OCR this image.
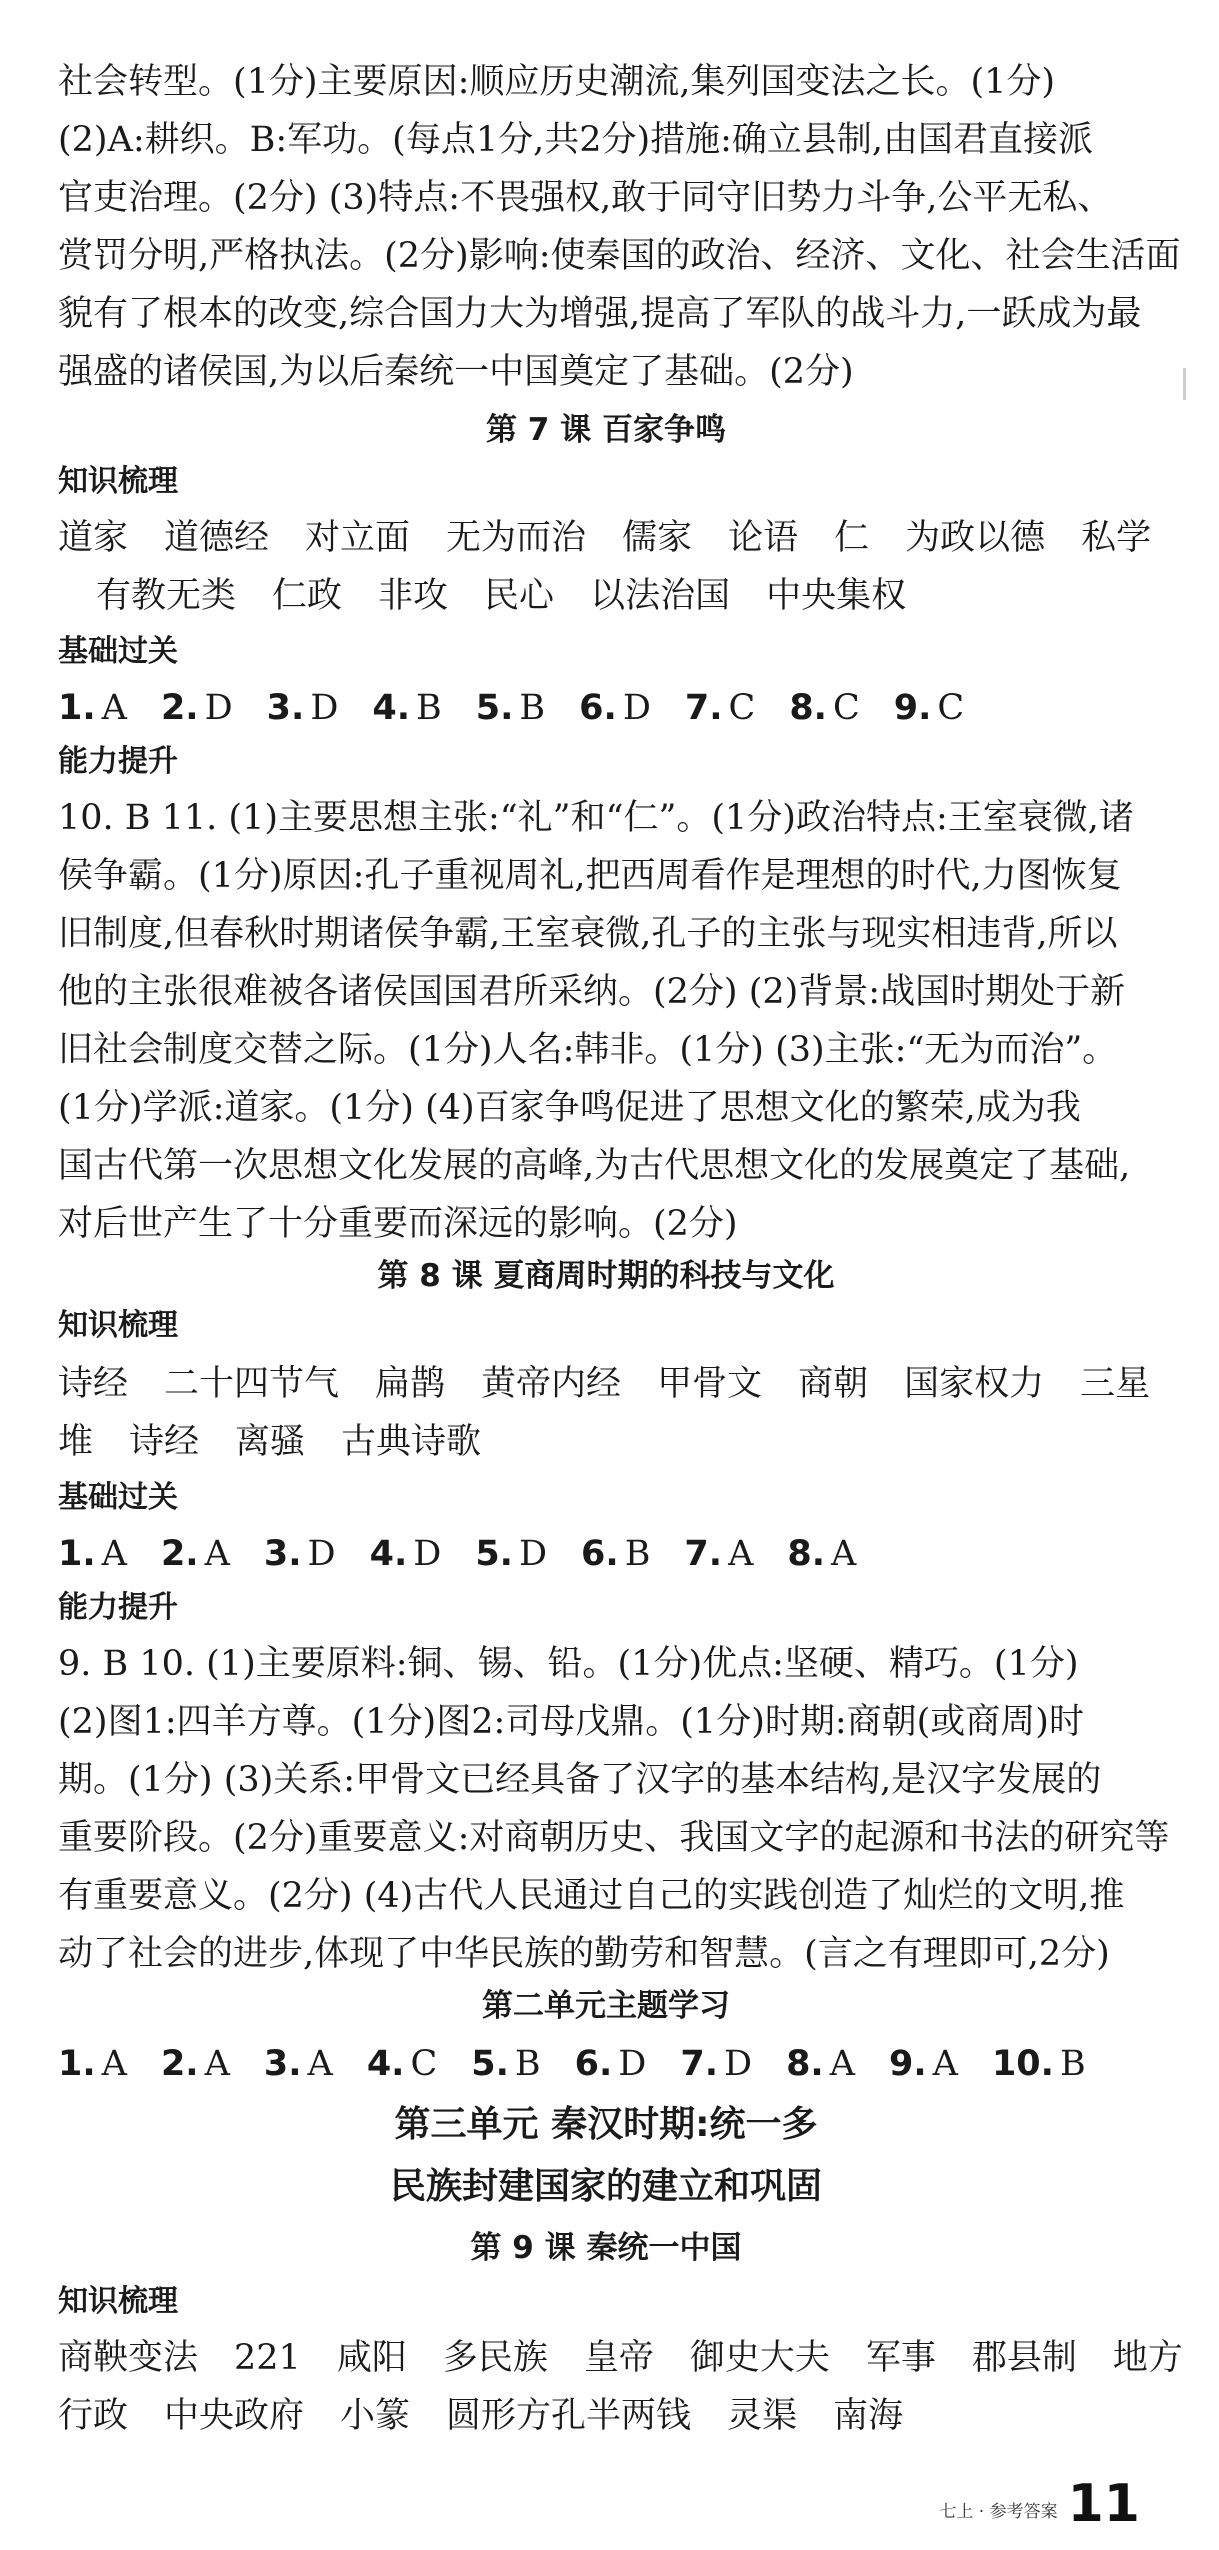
社会转型。(1分)主要原因:顺应历史潮流,集列国变法之长。(1分)
(2)A:耕织。B:军功。(每点1分,共2分)措施:确立县制,由国君直接派
官吏治理。(2分) (3)特点:不畏强权,敢于同守旧势力斗争,公平无私、
赏罚分明,严格执法。(2分)影响:使秦国的政治、经济、文化、社会生活面
貌有了根本的改变,综合国力大为增强,提高了军队的战斗力,一跃成为最
强盛的诸侯国,为以后秦统一中国奠定了基础。(2分)
第 7 课 百家争鸣
知识梳理
道家 道德经 对立面 无为而治 儒家 论语 仁 为政以德 私学
有教无类 仁政 非攻 民心 以法治国 中央集权
基础过关
1. A 2. D 3. D 4. B 5. B 6. D 7. C 8. C 9. C
能力提升
10. B 11. (1)主要思想主张:“礼”和“仁”。(1分)政治特点:王室衰微,诸
侯争霸。(1分)原因:孔子重视周礼,把西周看作是理想的时代,力图恢复
旧制度,但春秋时期诸侯争霸,王室衰微,孔子的主张与现实相违背,所以
他的主张很难被各诸侯国国君所采纳。(2分) (2)背景:战国时期处于新
旧社会制度交替之际。(1分)人名:韩非。(1分) (3)主张:“无为而治”。
(1分)学派:道家。(1分) (4)百家争鸣促进了思想文化的繁荣,成为我
国古代第一次思想文化发展的高峰,为古代思想文化的发展奠定了基础,
对后世产生了十分重要而深远的影响。(2分)
第 8 课 夏商周时期的科技与文化
知识梳理
诗经 二十四节气 扁鹊 黄帝内经 甲骨文 商朝 国家权力 三星
堆 诗经 离骚 古典诗歌
基础过关
1. A 2. A 3. D 4. D 5. D 6. B 7. A 8. A
能力提升
9. B 10. (1)主要原料:铜、锡、铅。(1分)优点:坚硬、精巧。(1分)
(2)图1:四羊方尊。(1分)图2:司母戊鼎。(1分)时期:商朝(或商周)时
期。(1分) (3)关系:甲骨文已经具备了汉字的基本结构,是汉字发展的
重要阶段。(2分)重要意义:对商朝历史、我国文字的起源和书法的研究等
有重要意义。(2分) (4)古代人民通过自己的实践创造了灿烂的文明,推
动了社会的进步,体现了中华民族的勤劳和智慧。(言之有理即可,2分)
第二单元主题学习
1. A 2. A 3. A 4. C 5. B 6. D 7. D 8. A 9. A 10. B
第三单元 秦汉时期:统一多
民族封建国家的建立和巩固
第 9 课 秦统一中国
知识梳理
商鞅变法 221 咸阳 多民族 皇帝 御史大夫 军事 郡县制 地方
行政 中央政府 小篆 圆形方孔半两钱 灵渠 南海
七上 · 参考答案 11
